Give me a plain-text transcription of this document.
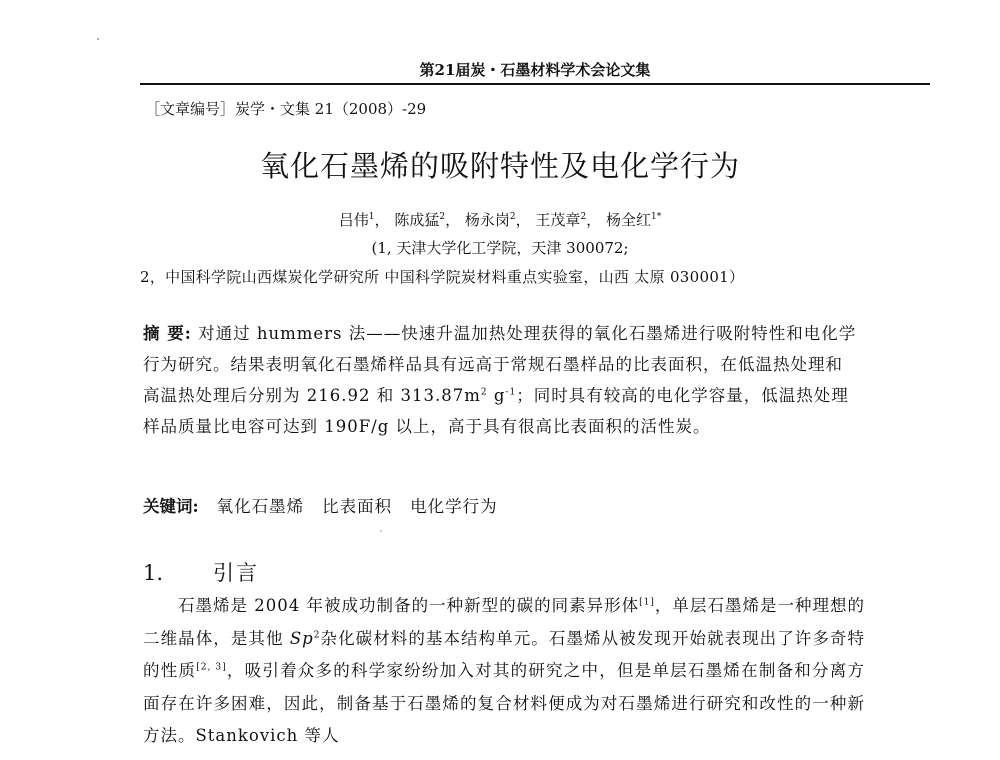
第21届炭・石墨材料学术会论文集
［文章编号］炭学・文集 21（2008）-29
氧化石墨烯的吸附特性及电化学行为
吕伟$^1$， 陈成猛$^2$， 杨永岗$^2$， 王茂章$^2$， 杨全红$^{1*}$
(1, 天津大学化工学院，天津 300072;
2，中国科学院山西煤炭化学研究所 中国科学院炭材料重点实验室，山西 太原 030001）
摘 要: 对通过 hummers 法——快速升温加热处理获得的氧化石墨烯进行吸附特性和电化学行为研究。结果表明氧化石墨烯样品具有远高于常规石墨样品的比表面积，在低温热处理和高温热处理后分别为 216.92 和 $313.87m^2$ $g^{-1}$；同时具有较高的电化学容量，低温热处理样品质量比电容可达到 190F/g 以上，高于具有很高比表面积的活性炭。
关键词: 氧化石墨烯 比表面积 电化学行为
1. 引言

石墨烯是 2004 年被成功制备的一种新型的碳的同素异形体[1]，单层石墨烯是一种理想的二维晶体，是其他 Sp$^2$杂化碳材料的基本结构单元。石墨烯从被发现开始就表现出了许多奇特的性质[2, 3]，吸引着众多的科学家纷纷加入对其的研究之中，但是单层石墨烯在制备和分离方面存在许多困难，因此，制备基于石墨烯的复合材料便成为对石墨烯进行研究和改性的一种新方法。Stankovich 等人
